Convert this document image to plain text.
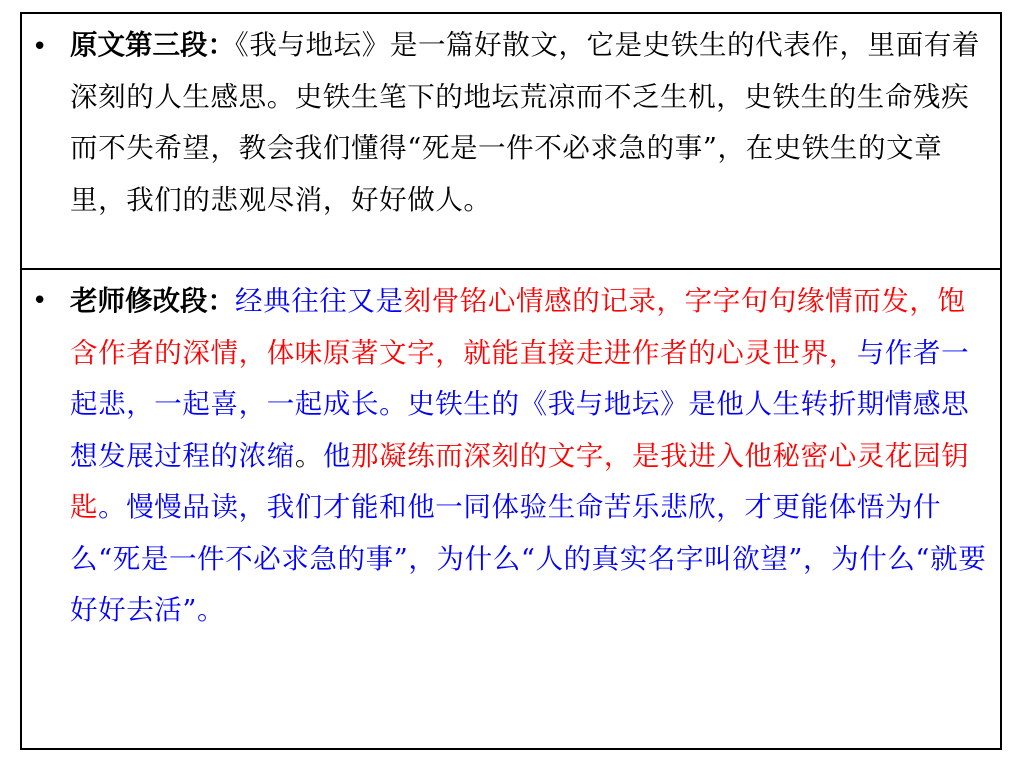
• 原文第三段：《我与地坛》是一篇好散文，它是史铁生的代表作，里面有着深刻的人生感思。史铁生笔下的地坛荒凉而不乏生机，史铁生的生命残疾而不失希望，教会我们懂得“死是一件不必求急的事”，在史铁生的文章里，我们的悲观尽消，好好做人。
• 老师修改段：经典往往又是刻骨铭心情感的记录，字字句句缘情而发，饱含作者的深情，体味原著文字，就能直接走进作者的心灵世界，与作者一起悲，一起喜，一起成长。史铁生的《我与地坛》是他人生转折期情感思想发展过程的浓缩。他那凝练而深刻的文字，是我进入他秘密心灵花园钥匙。慢慢品读，我们才能和他一同体验生命苦乐悲欣，才更能体悟为什么“死是一件不必求急的事”，为什么“人的真实名字叫欲望”，为什么“就要好好去活”。
